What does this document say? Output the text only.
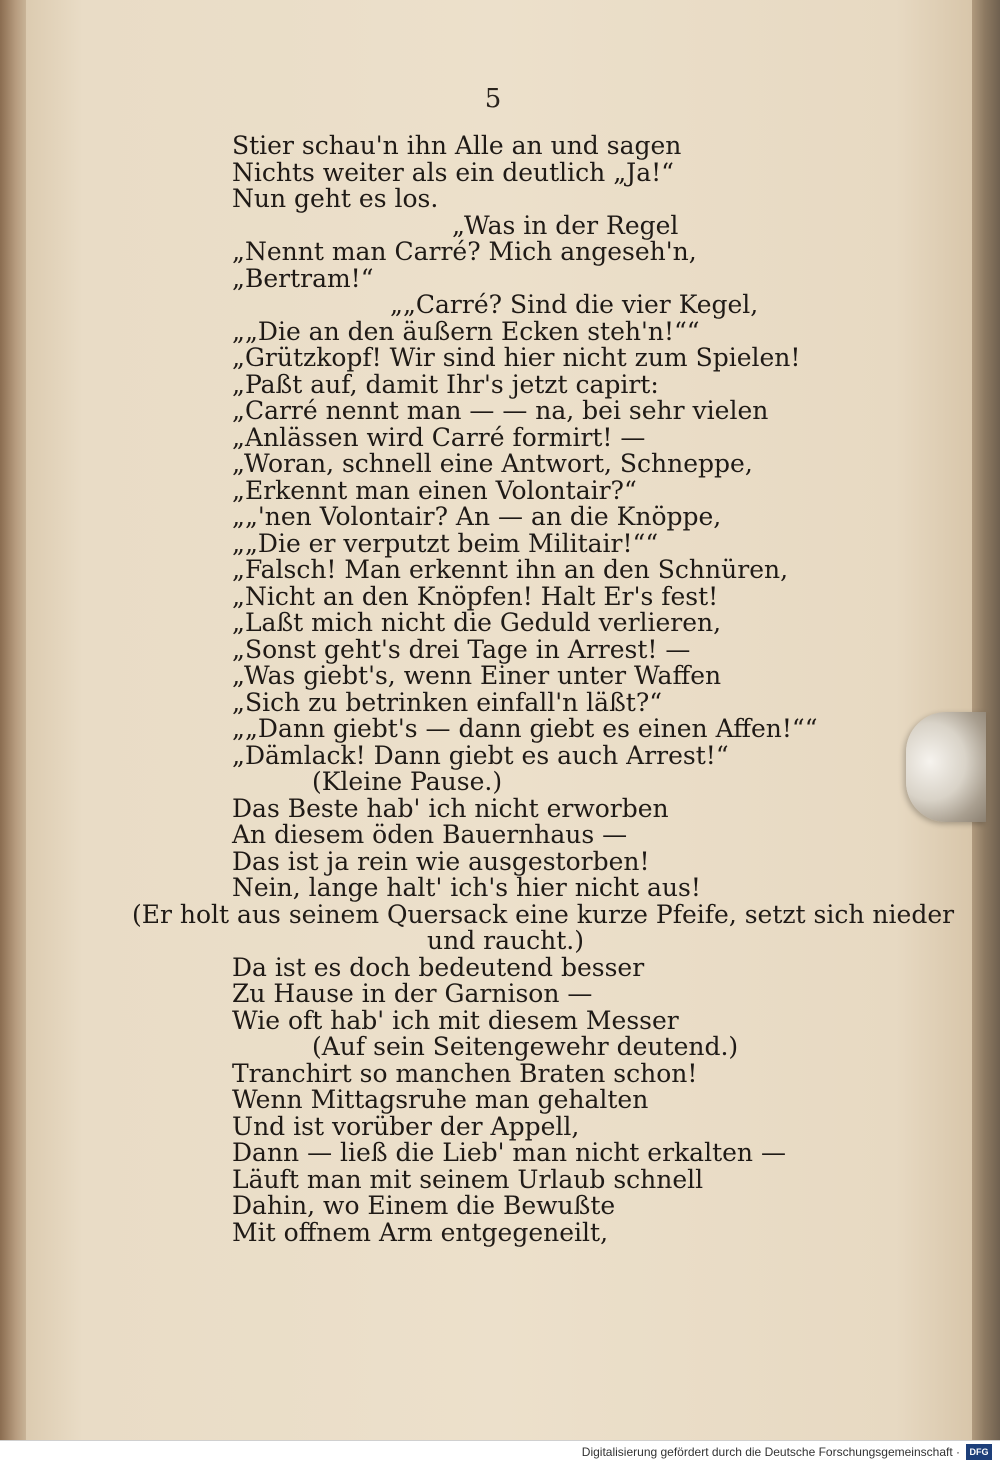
5
Stier schau'n ihn Alle an und sagen
Nichts weiter als ein deutlich „Ja!“
Nun geht es los.
„Was in der Regel
„Nennt man Carré? Mich angeseh'n,
„Bertram!“
„„Carré? Sind die vier Kegel,
„„Die an den äußern Ecken steh'n!““
„Grützkopf! Wir sind hier nicht zum Spielen!
„Paßt auf, damit Ihr's jetzt capirt:
„Carré nennt man — — na, bei sehr vielen
„Anlässen wird Carré formirt! —
„Woran, schnell eine Antwort, Schneppe,
„Erkennt man einen Volontair?“
„„'nen Volontair? An — an die Knöppe,
„„Die er verputzt beim Militair!““
„Falsch! Man erkennt ihn an den Schnüren,
„Nicht an den Knöpfen! Halt Er's fest!
„Laßt mich nicht die Geduld verlieren,
„Sonst geht's drei Tage in Arrest! —
„Was giebt's, wenn Einer unter Waffen
„Sich zu betrinken einfall'n läßt?“
„„Dann giebt's — dann giebt es einen Affen!““
„Dämlack! Dann giebt es auch Arrest!“
(Kleine Pause.)
Das Beste hab' ich nicht erworben
An diesem öden Bauernhaus —
Das ist ja rein wie ausgestorben!
Nein, lange halt' ich's hier nicht aus!
(Er holt aus seinem Quersack eine kurze Pfeife, setzt sich nieder
und raucht.)
Da ist es doch bedeutend besser
Zu Hause in der Garnison —
Wie oft hab' ich mit diesem Messer
(Auf sein Seitengewehr deutend.)
Tranchirt so manchen Braten schon!
Wenn Mittagsruhe man gehalten
Und ist vorüber der Appell,
Dann — ließ die Lieb' man nicht erkalten —
Läuft man mit seinem Urlaub schnell
Dahin, wo Einem die Bewußte
Mit offnem Arm entgegeneilt,
Digitalisierung gefördert durch die Deutsche Forschungsgemeinschaft ·	DFG
